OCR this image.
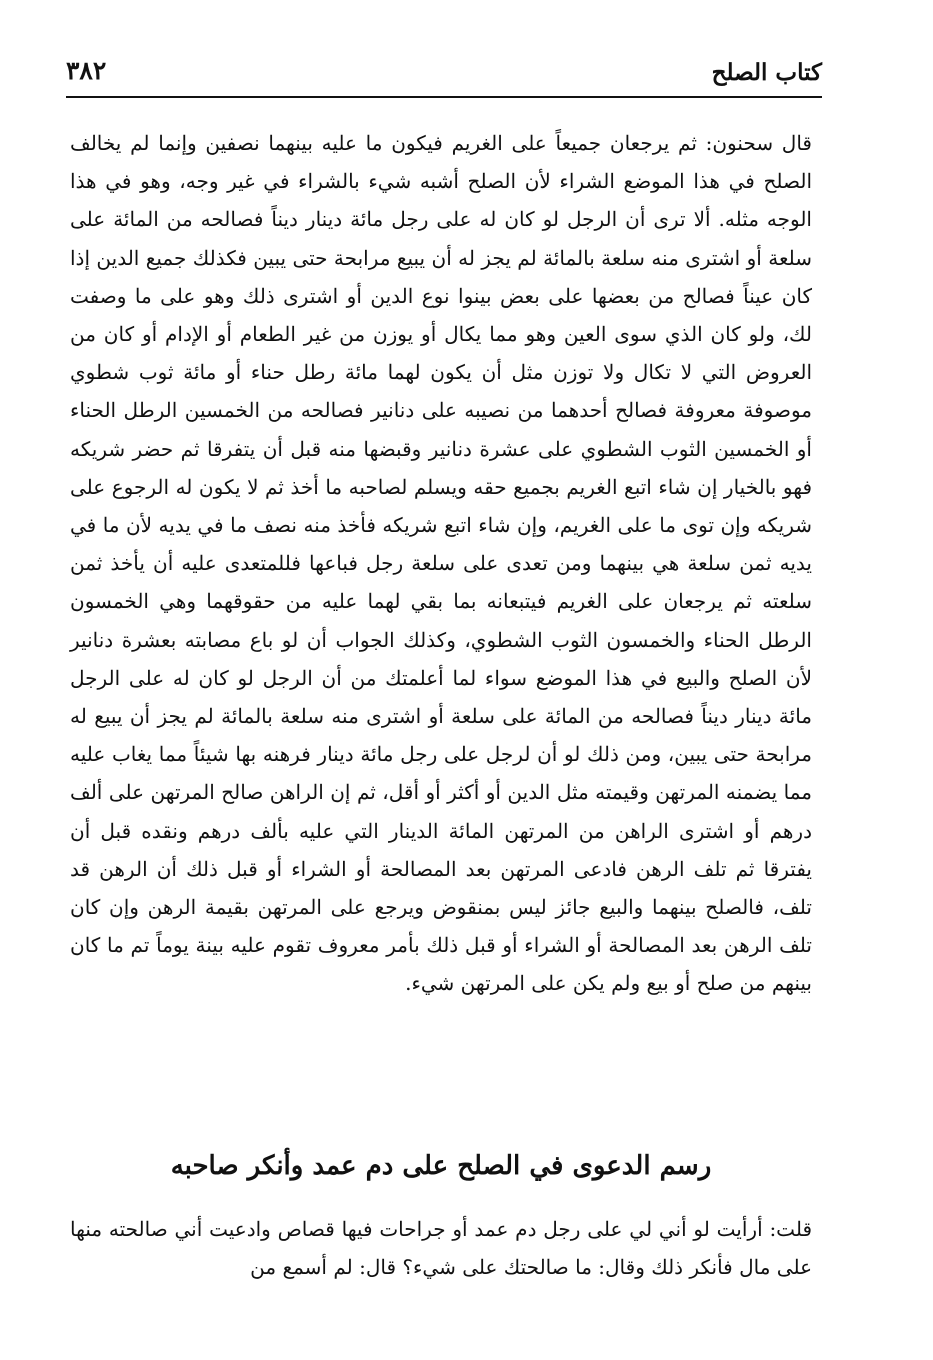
كتاب الصلح
٣٨٢

قال سحنون: ثم يرجعان جميعاً على الغريم فيكون ما عليه بينهما نصفين وإنما لم يخالف الصلح في هذا الموضع الشراء لأن الصلح أشبه شيء بالشراء في غير وجه، وهو في هذا الوجه مثله. ألا ترى أن الرجل لو كان له على رجل مائة دينار ديناً فصالحه من المائة على سلعة أو اشترى منه سلعة بالمائة لم يجز له أن يبيع مرابحة حتى يبين فكذلك جميع الدين إذا كان عيناً فصالح من بعضها على بعض بينوا نوع الدين أو اشترى ذلك وهو على ما وصفت لك، ولو كان الذي سوى العين وهو مما يكال أو يوزن من غير الطعام أو الإدام أو كان من العروض التي لا تكال ولا توزن مثل أن يكون لهما مائة رطل حناء أو مائة ثوب شطوي موصوفة معروفة فصالح أحدهما من نصيبه على دنانير فصالحه من الخمسين الرطل الحناء أو الخمسين الثوب الشطوي على عشرة دنانير وقبضها منه قبل أن يتفرقا ثم حضر شريكه فهو بالخيار إن شاء اتبع الغريم بجميع حقه ويسلم لصاحبه ما أخذ ثم لا يكون له الرجوع على شريكه وإن توى ما على الغريم، وإن شاء اتبع شريكه فأخذ منه نصف ما في يديه لأن ما في يديه ثمن سلعة هي بينهما ومن تعدى على سلعة رجل فباعها فللمتعدى عليه أن يأخذ ثمن سلعته ثم يرجعان على الغريم فيتبعانه بما بقي لهما عليه من حقوقهما وهي الخمسون الرطل الحناء والخمسون الثوب الشطوي، وكذلك الجواب أن لو باع مصابته بعشرة دنانير لأن الصلح والبيع في هذا الموضع سواء لما أعلمتك من أن الرجل لو كان له على الرجل مائة دينار ديناً فصالحه من المائة على سلعة أو اشترى منه سلعة بالمائة لم يجز أن يبيع له مرابحة حتى يبين، ومن ذلك لو أن لرجل على رجل مائة دينار فرهنه بها شيئاً مما يغاب عليه مما يضمنه المرتهن وقيمته مثل الدين أو أكثر أو أقل، ثم إن الراهن صالح المرتهن على ألف درهم أو اشترى الراهن من المرتهن المائة الدينار التي عليه بألف درهم ونقده قبل أن يفترقا ثم تلف الرهن فادعى المرتهن بعد المصالحة أو الشراء أو قبل ذلك أن الرهن قد تلف، فالصلح بينهما والبيع جائز ليس بمنقوض ويرجع على المرتهن بقيمة الرهن وإن كان تلف الرهن بعد المصالحة أو الشراء أو قبل ذلك بأمر معروف تقوم عليه بينة يوماً تم ما كان بينهم من صلح أو بيع ولم يكن على المرتهن شيء.

رسم الدعوى في الصلح على دم عمد وأنكر صاحبه

قلت: أرأيت لو أني لي على رجل دم عمد أو جراحات فيها قصاص وادعيت أني صالحته منها على مال فأنكر ذلك وقال: ما صالحتك على شيء؟ قال: لم أسمع من
